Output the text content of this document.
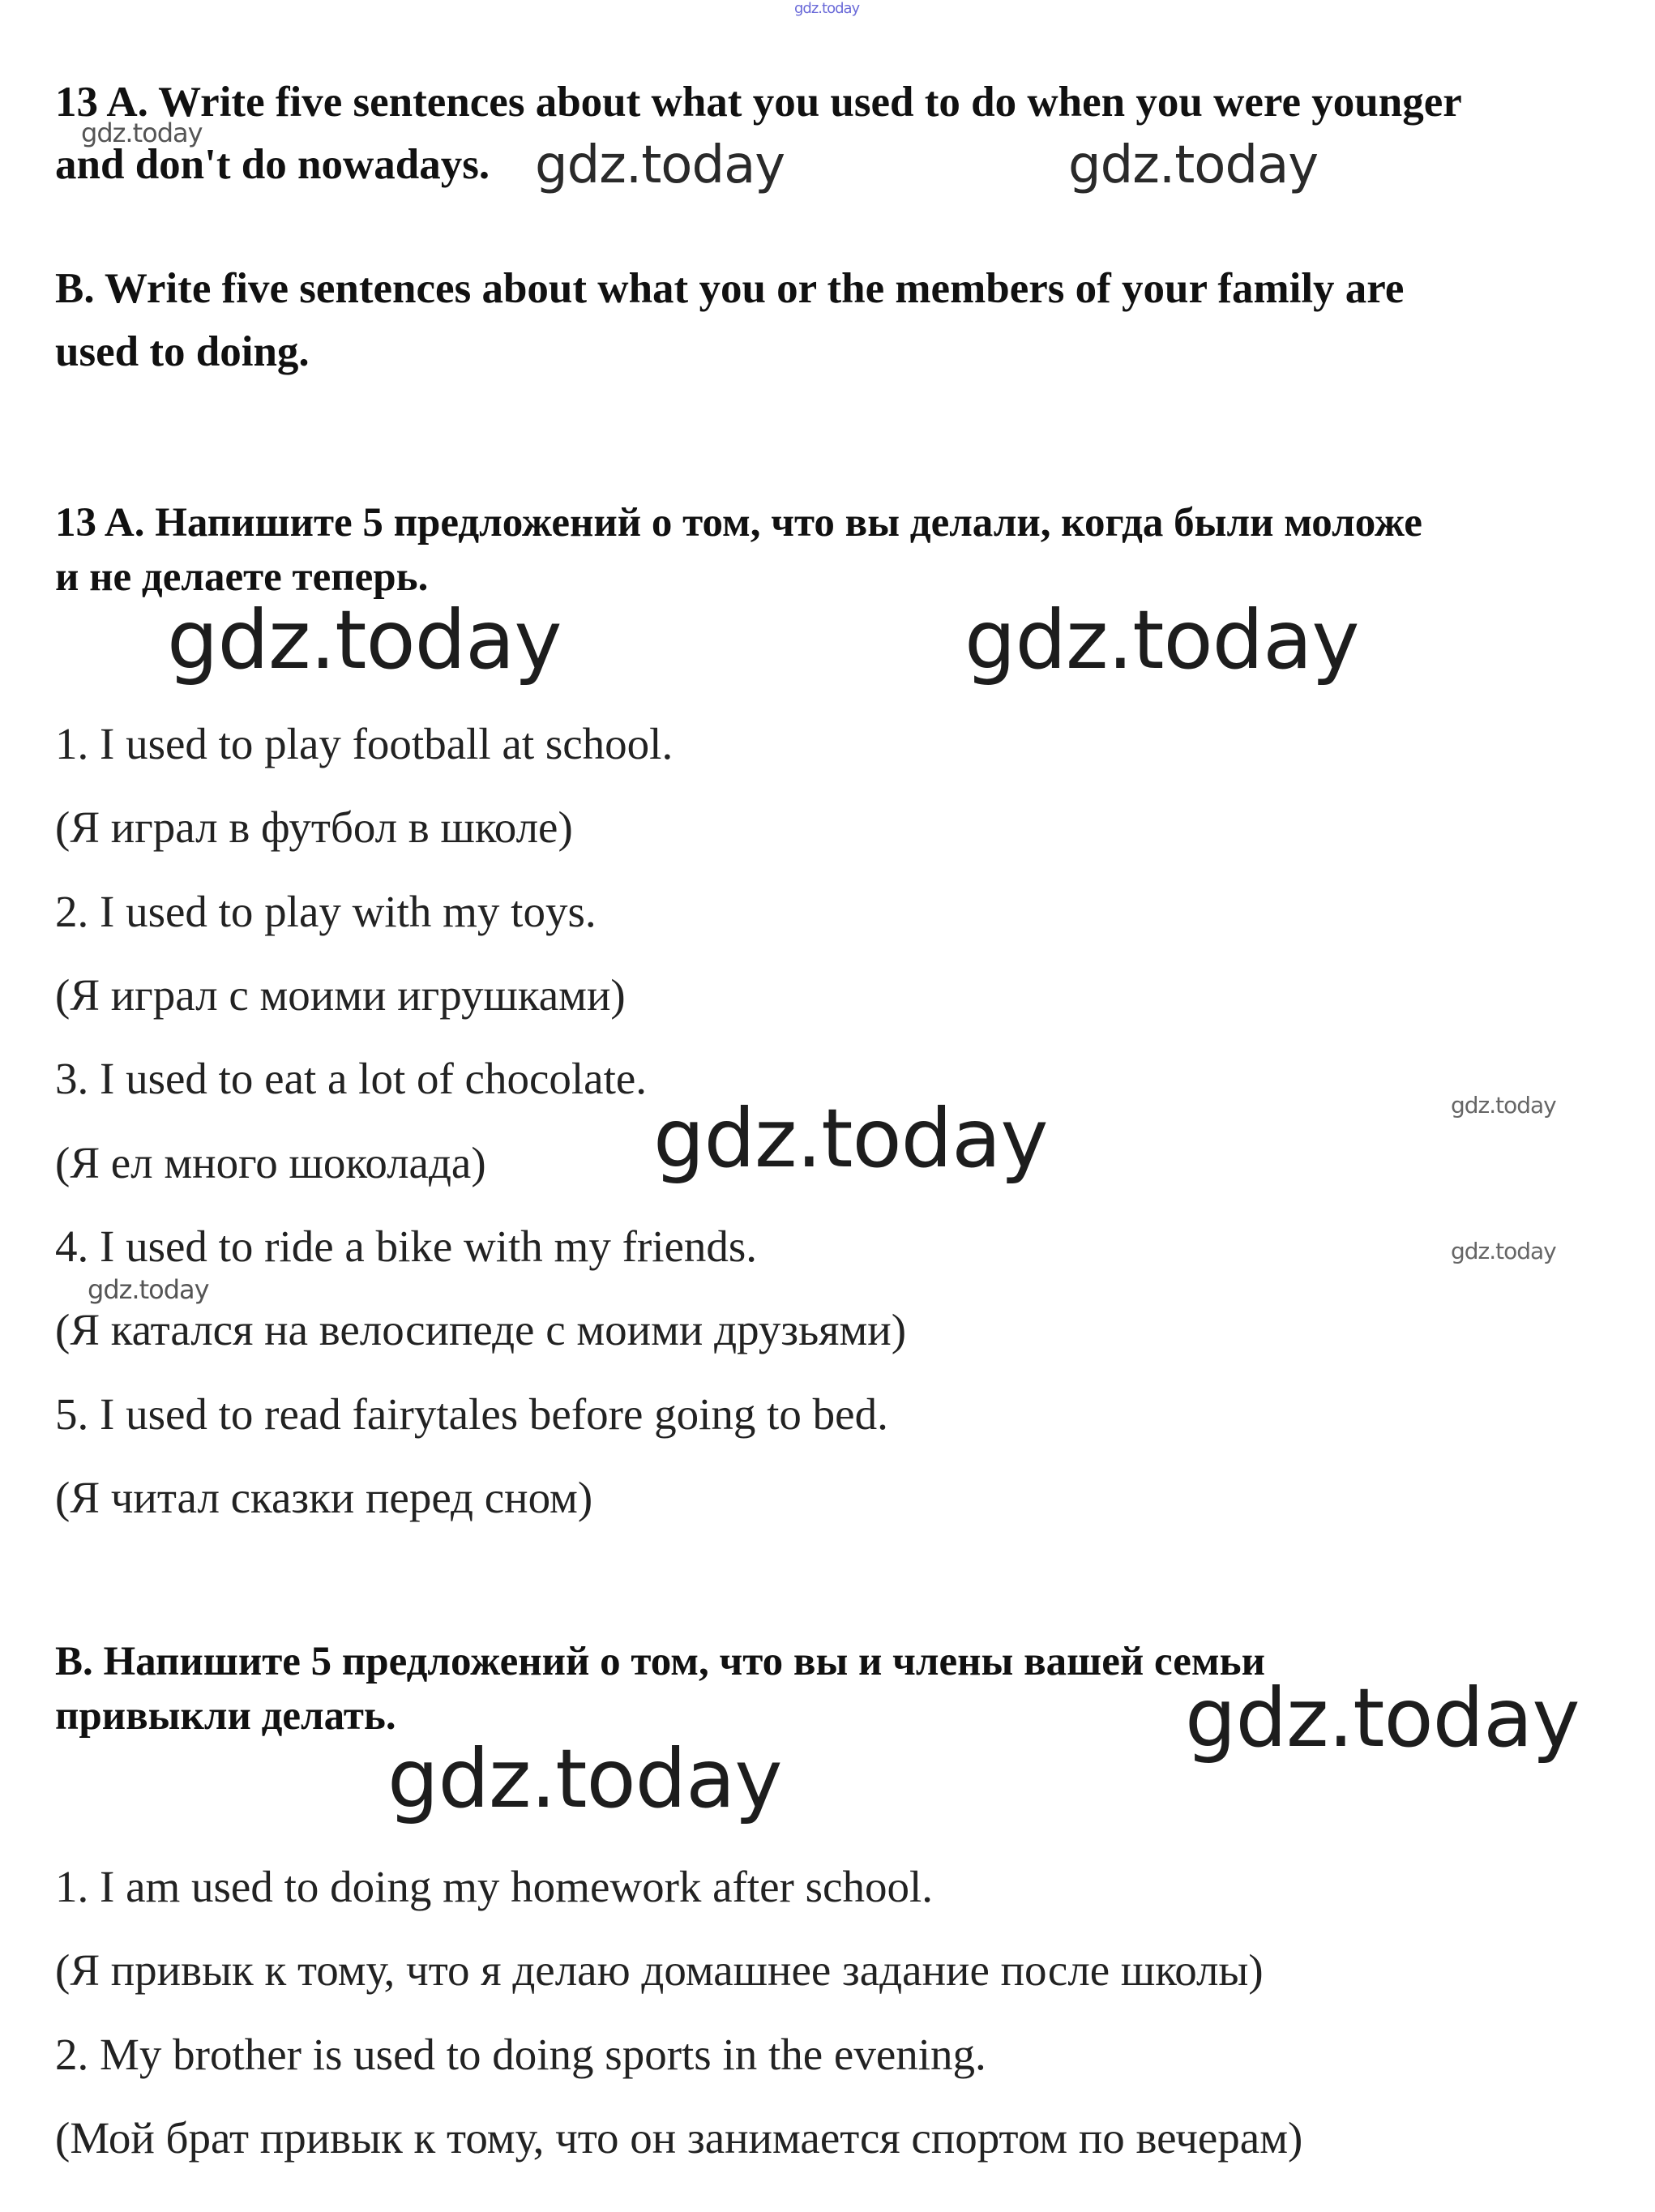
gdz.today
13 A. Write five sentences about what you used to do when you were younger
gdz.today
and don't do nowadays. gdz.today	gdz.today
B. Write five sentences about what you or the members of your family are
used to doing.
13 A. Напишите 5 предложений о том, что вы делали, когда были моложе
и не делаете теперь.
gdz.today	gdz.today
1. I used to play football at school.
(Я играл в футбол в школе)
2. I used to play with my toys.
(Я играл с моими игрушками)
3. I used to eat a lot of chocolate.
gdz.today
gdz.today
(Я ел много шоколада)
4. I used to ride a bike with my friends.	gdz.today
gdz.today
(Я катался на велосипеде с моими друзьями)
5. I used to read fairytales before going to bed.
(Я читал сказки перед сном)
B. Напишите 5 предложений о том, что вы и члены вашей семьи
gdz.today
привыкли делать.
gdz.today
1. I am used to doing my homework after school.
(Я привык к тому, что я делаю домашнее задание после школы)
2. My brother is used to doing sports in the evening.
(Мой брат привык к тому, что он занимается спортом по вечерам)
